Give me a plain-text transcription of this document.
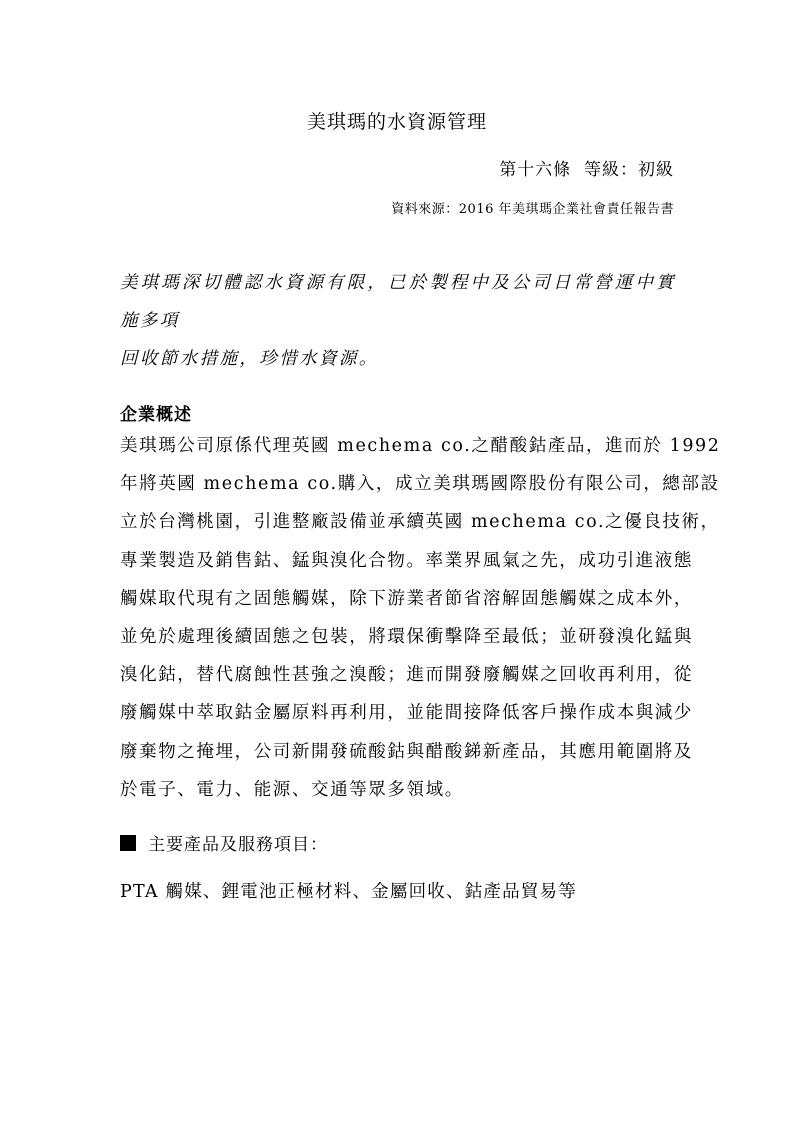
美琪瑪的水資源管理
第十六條  等級：初級
資料來源：2016 年美琪瑪企業社會責任報告書
美琪瑪深切體認水資源有限，已於製程中及公司日常營運中實施多項
回收節水措施，珍惜水資源。
企業概述
美琪瑪公司原係代理英國 mechema co.之醋酸鈷產品，進而於 1992
年將英國 mechema co.購入，成立美琪瑪國際股份有限公司，總部設
立於台灣桃園，引進整廠設備並承續英國 mechema co.之優良技術，
專業製造及銷售鈷、錳與溴化合物。率業界風氣之先，成功引進液態
觸媒取代現有之固態觸媒，除下游業者節省溶解固態觸媒之成本外，
並免於處理後續固態之包裝，將環保衝擊降至最低；並研發溴化錳與
溴化鈷，替代腐蝕性甚強之溴酸；進而開發廢觸媒之回收再利用，從
廢觸媒中萃取鈷金屬原料再利用，並能間接降低客戶操作成本與減少
廢棄物之掩埋，公司新開發硫酸鈷與醋酸銻新產品，其應用範圍將及
於電子、電力、能源、交通等眾多領域。
主要產品及服務項目：
PTA 觸媒、鋰電池正極材料、金屬回收、鈷產品貿易等
